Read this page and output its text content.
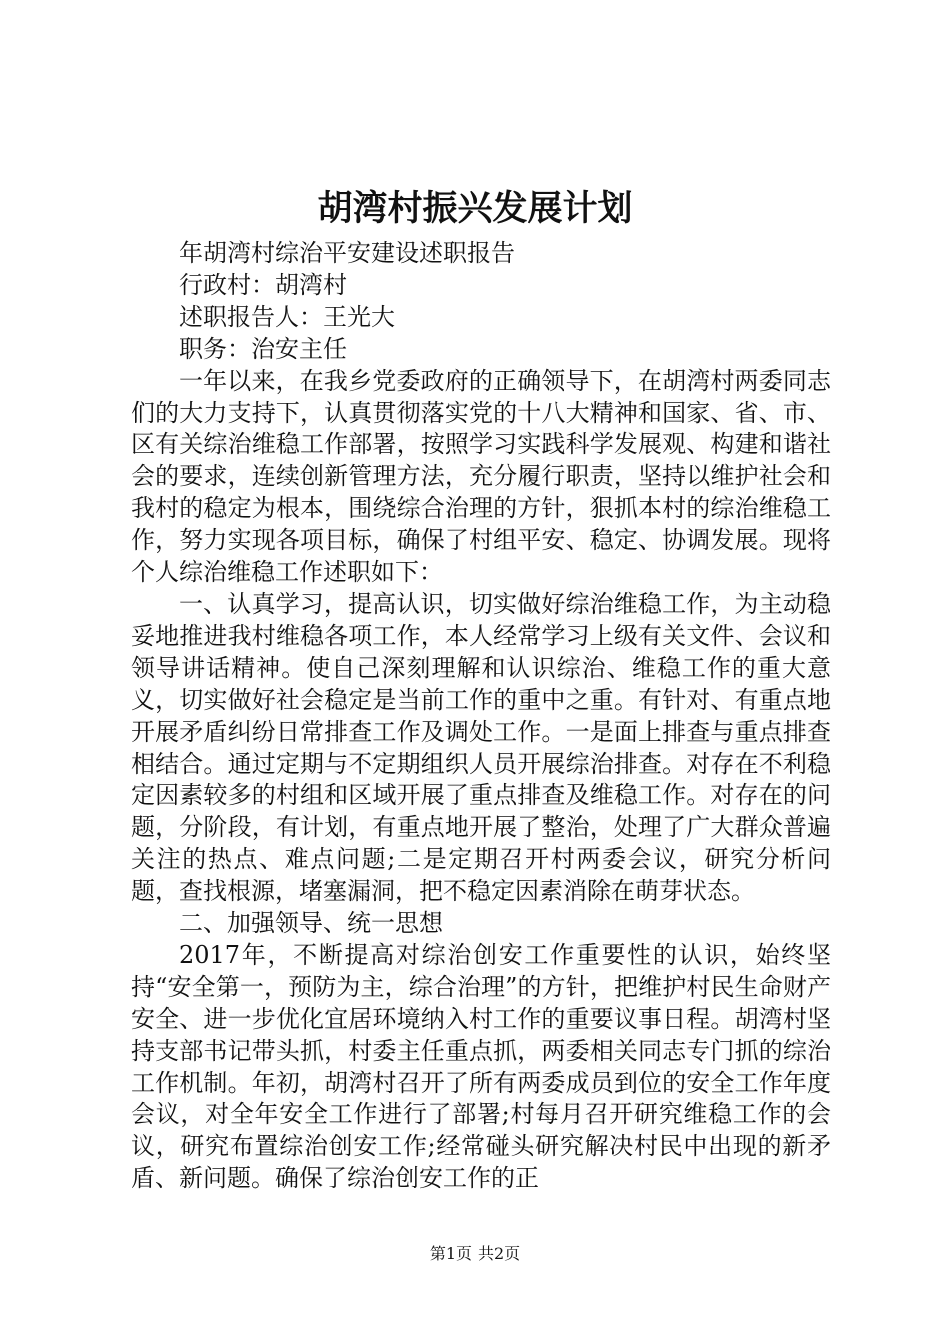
胡湾村振兴发展计划

年胡湾村综治平安建设述职报告

行政村：胡湾村

述职报告人：王光大

职务：治安主任

一年以来，在我乡党委政府的正确领导下，在胡湾村两委同志们的大力支持下，认真贯彻落实党的十八大精神和国家、省、市、区有关综治维稳工作部署，按照学习实践科学发展观、构建和谐社会的要求，连续创新管理方法，充分履行职责，坚持以维护社会和我村的稳定为根本，围绕综合治理的方针，狠抓本村的综治维稳工作，努力实现各项目标，确保了村组平安、稳定、协调发展。现将个人综治维稳工作述职如下：

一、认真学习，提高认识，切实做好综治维稳工作，为主动稳妥地推进我村维稳各项工作，本人经常学习上级有关文件、会议和领导讲话精神。使自己深刻理解和认识综治、维稳工作的重大意义，切实做好社会稳定是当前工作的重中之重。有针对、有重点地开展矛盾纠纷日常排查工作及调处工作。一是面上排查与重点排查相结合。通过定期与不定期组织人员开展综治排查。对存在不利稳定因素较多的村组和区域开展了重点排查及维稳工作。对存在的问题，分阶段，有计划，有重点地开展了整治，处理了广大群众普遍关注的热点、难点问题;二是定期召开村两委会议，研究分析问题，查找根源，堵塞漏洞，把不稳定因素消除在萌芽状态。

二、加强领导、统一思想

2017年，不断提高对综治创安工作重要性的认识，始终坚持“安全第一，预防为主，综合治理”的方针，把维护村民生命财产安全、进一步优化宜居环境纳入村工作的重要议事日程。胡湾村坚持支部书记带头抓，村委主任重点抓，两委相关同志专门抓的综治工作机制。年初，胡湾村召开了所有两委成员到位的安全工作年度会议，对全年安全工作进行了部署;村每月召开研究维稳工作的会议，研究布置综治创安工作;经常碰头研究解决村民中出现的新矛盾、新问题。确保了综治创安工作的正

第1页 共2页
